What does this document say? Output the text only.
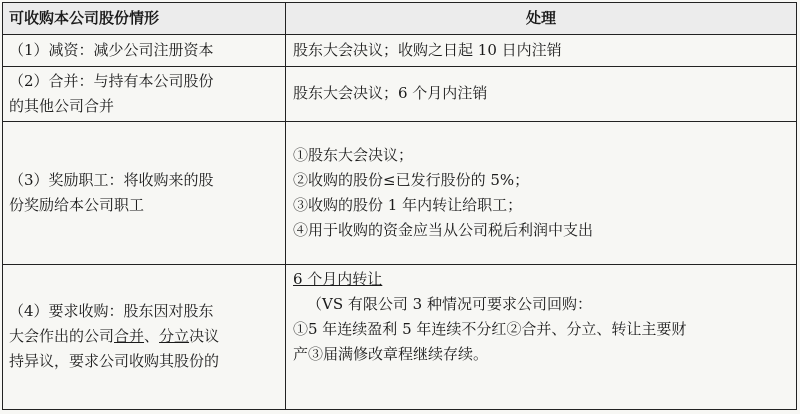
可收购本公司股份情形	处理

（1）减资：减少公司注册资本	股东大会决议；收购之日起 10 日内注销

（2）合并：与持有本公司股份
的其他公司合并	股东大会决议；6 个月内注销

（3）奖励职工：将收购来的股
份奖励给本公司职工	①股东大会决议；
②收购的股份≤已发行股份的 5%；
③收购的股份 1 年内转让给职工；
④用于收购的资金应当从公司税后利润中支出

（4）要求收购：股东因对股东
大会作出的公司合并、分立决议
持异议，要求公司收购其股份的	6 个月内转让
（VS 有限公司 3 种情况可要求公司回购：
①5 年连续盈利 5 年连续不分红②合并、分立、转让主要财
产③届满修改章程继续存续。
